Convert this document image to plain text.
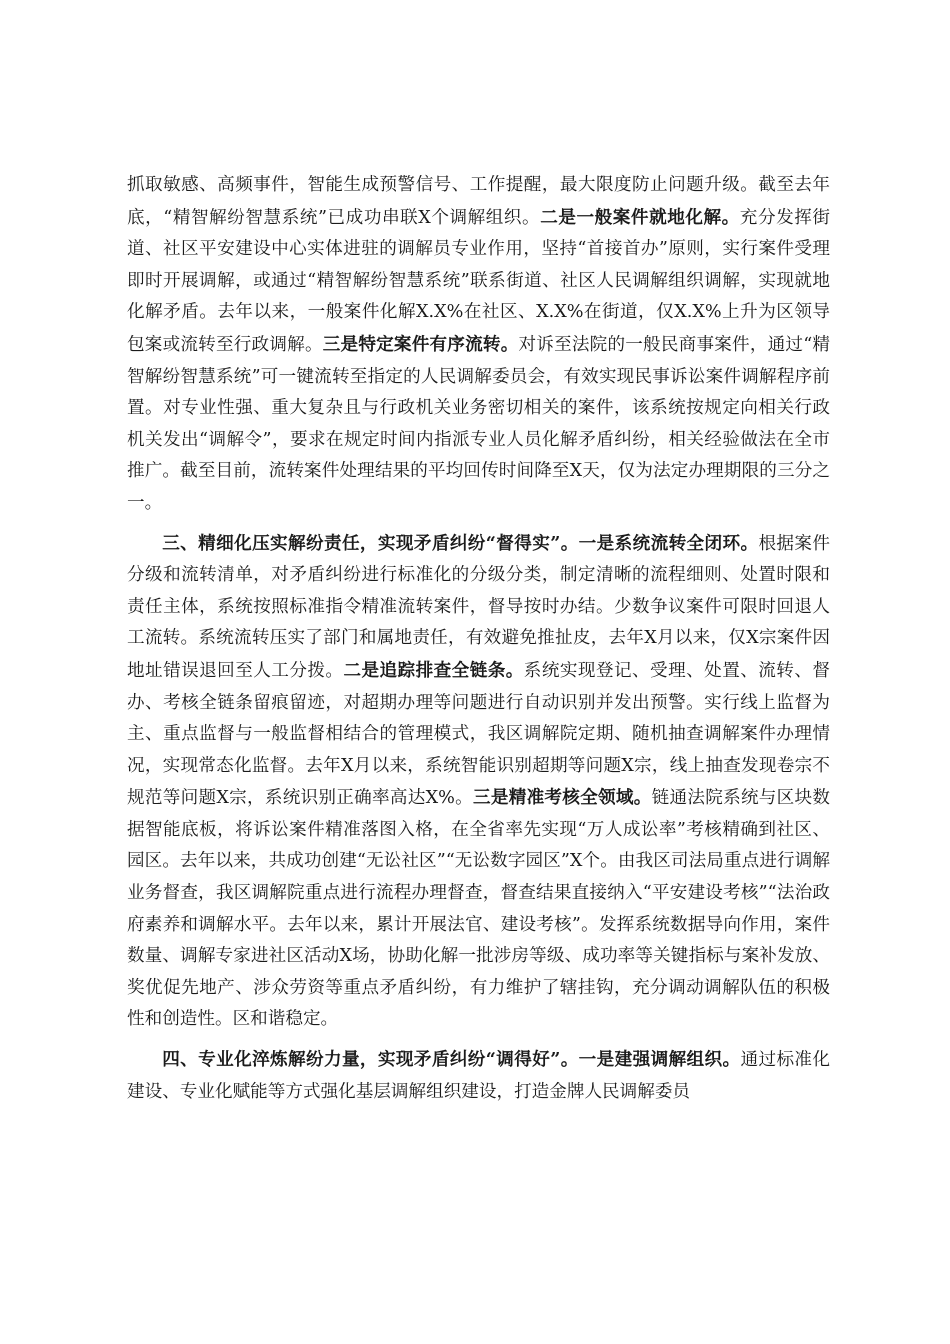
抓取敏感、高频事件，智能生成预警信号、工作提醒，最大限度防止问题升级。截至去年底，“精智解纷智慧系统”已成功串联X个调解组织。二是一般案件就地化解。充分发挥街道、社区平安建设中心实体进驻的调解员专业作用，坚持“首接首办”原则，实行案件受理即时开展调解，或通过“精智解纷智慧系统”联系街道、社区人民调解组织调解，实现就地化解矛盾。去年以来，一般案件化解X.X%在社区、X.X%在街道，仅X.X%上升为区领导包案或流转至行政调解。三是特定案件有序流转。对诉至法院的一般民商事案件，通过“精智解纷智慧系统”可一键流转至指定的人民调解委员会，有效实现民事诉讼案件调解程序前置。对专业性强、重大复杂且与行政机关业务密切相关的案件，该系统按规定向相关行政机关发出“调解令”，要求在规定时间内指派专业人员化解矛盾纠纷，相关经验做法在全市推广。截至目前，流转案件处理结果的平均回传时间降至X天，仅为法定办理期限的三分之一。

三、精细化压实解纷责任，实现矛盾纠纷“督得实”。一是系统流转全闭环。根据案件分级和流转清单，对矛盾纠纷进行标准化的分级分类，制定清晰的流程细则、处置时限和责任主体，系统按照标准指令精准流转案件，督导按时办结。少数争议案件可限时回退人工流转。系统流转压实了部门和属地责任，有效避免推扯皮，去年X月以来，仅X宗案件因地址错误退回至人工分拨。二是追踪排查全链条。系统实现登记、受理、处置、流转、督办、考核全链条留痕留迹，对超期办理等问题进行自动识别并发出预警。实行线上监督为主、重点监督与一般监督相结合的管理模式，我区调解院定期、随机抽查调解案件办理情况，实现常态化监督。去年X月以来，系统智能识别超期等问题X宗，线上抽查发现卷宗不规范等问题X宗，系统识别正确率高达X%。三是精准考核全领域。链通法院系统与区块数据智能底板，将诉讼案件精准落图入格，在全省率先实现“万人成讼率”考核精确到社区、园区。去年以来，共成功创建“无讼社区”“无讼数字园区”X个。由我区司法局重点进行调解业务督查，我区调解院重点进行流程办理督查，督查结果直接纳入“平安建设考核”“法治政府素养和调解水平。去年以来，累计开展法官、建设考核”。发挥系统数据导向作用，案件数量、调解专家进社区活动X场，协助化解一批涉房等级、成功率等关键指标与案补发放、奖优促先地产、涉众劳资等重点矛盾纠纷，有力维护了辖挂钩，充分调动调解队伍的积极性和创造性。区和谐稳定。

四、专业化淬炼解纷力量，实现矛盾纠纷“调得好”。一是建强调解组织。通过标准化建设、专业化赋能等方式强化基层调解组织建设，打造金牌人民调解委员
